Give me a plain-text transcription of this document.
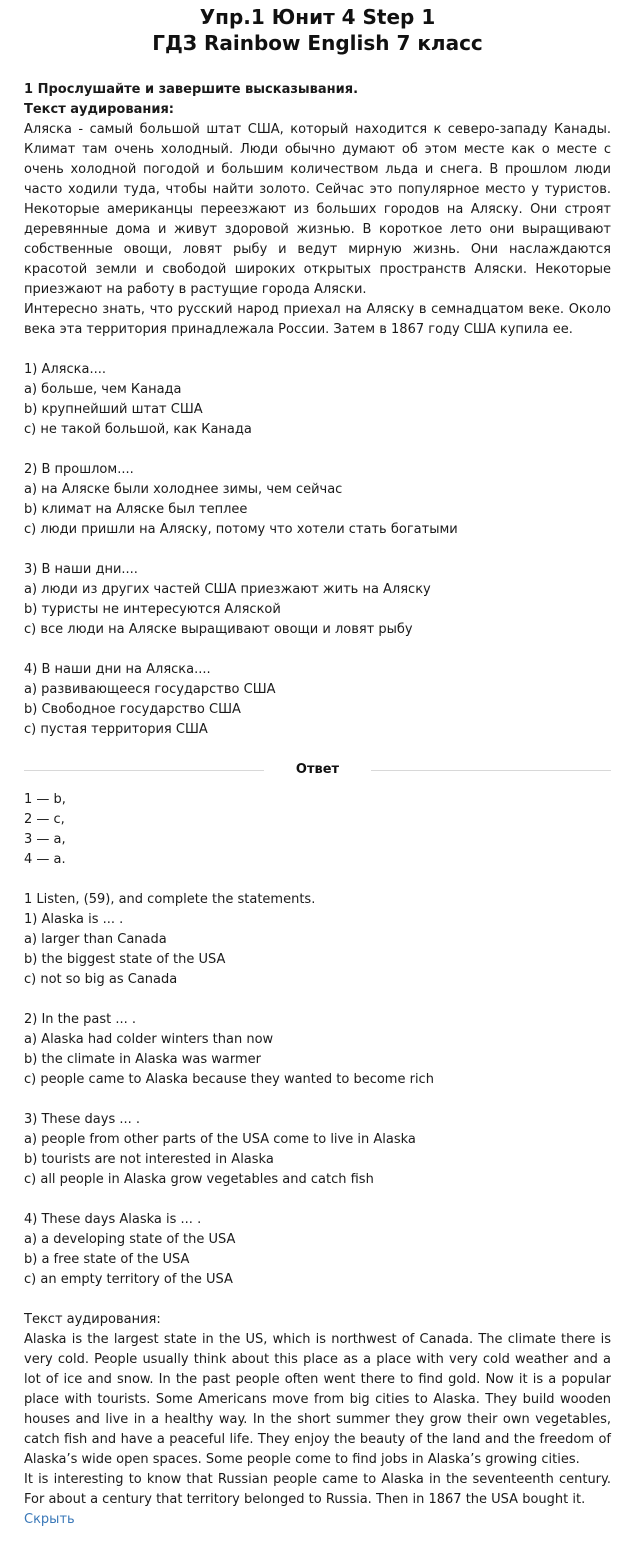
Упр.1 Юнит 4 Step 1
ГДЗ Rainbow English 7 класс

1 Прослушайте и завершите высказывания.

Текст аудирования:

Аляска - самый большой штат США, который находится к северо-западу Канады. Климат там очень холодный. Люди обычно думают об этом месте как о месте с очень холодной погодой и большим количеством льда и снега. В прошлом люди часто ходили туда, чтобы найти золото. Сейчас это популярное место у туристов. Некоторые американцы переезжают из больших городов на Аляску. Они строят деревянные дома и живут здоровой жизнью. В короткое лето они выращивают собственные овощи, ловят рыбу и ведут мирную жизнь. Они наслаждаются красотой земли и свободой широких открытых пространств Аляски. Некоторые приезжают на работу в растущие города Аляски.

Интересно знать, что русский народ приехал на Аляску в семнадцатом веке. Около века эта территория принадлежала России. Затем в 1867 году США купила ее.

1) Аляска....

a) больше, чем Канада

b) крупнейший штат США

c) не такой большой, как Канада

2) В прошлом....

a) на Аляске были холоднее зимы, чем сейчас

b) климат на Аляске был теплее

c) люди пришли на Аляску, потому что хотели стать богатыми

3) В наши дни....

a) люди из других частей США приезжают жить на Аляску

b) туристы не интересуются Аляской

c) все люди на Аляске выращивают овощи и ловят рыбу

4) В наши дни на Аляска....

a) развивающееся государство США

b) Свободное государство США

c) пустая территория США

Ответ

1 — b,

2 — c,

3 — a,

4 — a.

1 Listen, (59), and complete the statements.

1) Alaska is ... .

a) larger than Canada

b) the biggest state of the USA

c) not so big as Canada

2) In the past ... .

a) Alaska had colder winters than now

b) the climate in Alaska was warmer

c) people came to Alaska because they wanted to become rich

3) These days ... .

a) people from other parts of the USA come to live in Alaska

b) tourists are not interested in Alaska

c) all people in Alaska grow vegetables and catch fish

4) These days Alaska is ... .

a) a developing state of the USA

b) a free state of the USA

c) an empty territory of the USA

Текст аудирования:

Alaska is the largest state in the US, which is northwest of Canada. The climate there is very cold. People usually think about this place as a place with very cold weather and a lot of ice and snow. In the past people often went there to find gold. Now it is a popular place with tourists. Some Americans move from big cities to Alaska. They build wooden houses and live in a healthy way. In the short summer they grow their own vegetables, catch fish and have a peaceful life. They enjoy the beauty of the land and the freedom of Alaska’s wide open spaces. Some people come to find jobs in Alaska’s growing cities.

It is interesting to know that Russian people came to Alaska in the seventeenth century. For about a century that territory belonged to Russia. Then in 1867 the USA bought it.

Скрыть
